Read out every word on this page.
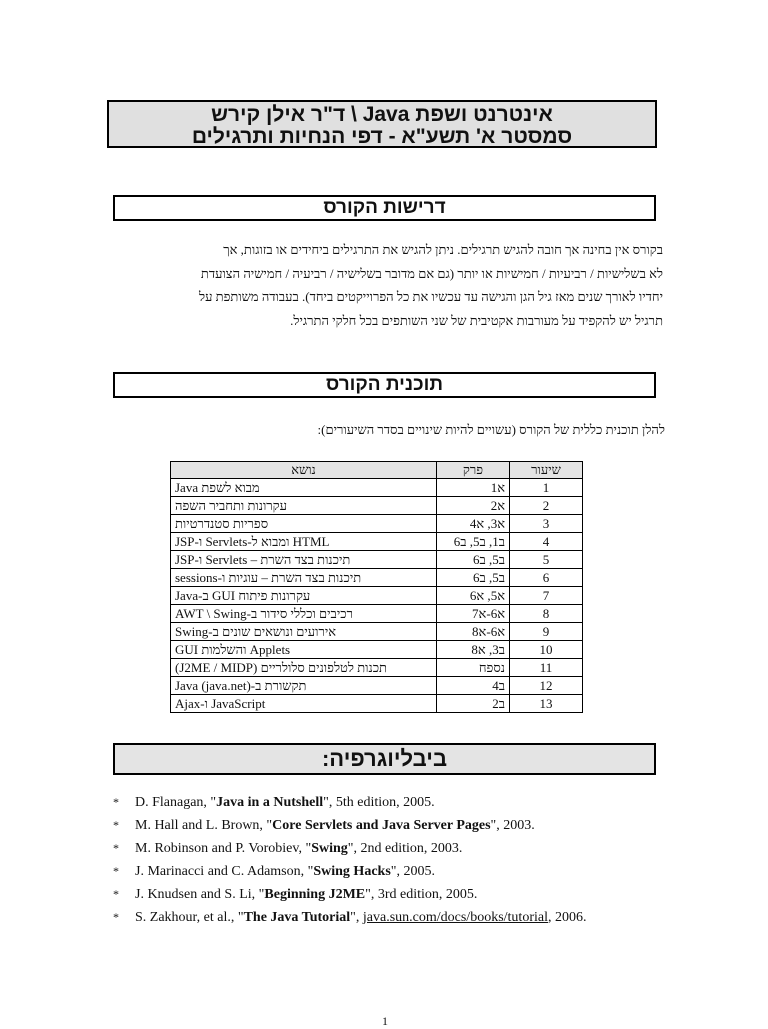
אינטרנט ושפת Java \ ד"ר אילן קירש
סמסטר א' תשע"א - דפי הנחיות ותרגילים
דרישות הקורס

בקורס אין בחינה אך חובה להגיש תרגילים. ניתן להגיש את התרגילים ביחידים או בזוגות, אך

לא בשלישיות / רביעיות / חמישיות או יותר (גם אם מדובר בשלישיה / רביעיה / חמישיה הצועדת

יחדיו לאורך שנים מאז גיל הגן והגישה עד עכשיו את כל הפרוייקטים ביחד). בעבודה משותפת על

תרגיל יש להקפיד על מעורבות אקטיבית של שני השותפים בכל חלקי התרגיל.

תוכנית הקורס
להלן תוכנית כללית של הקורס (עשויים להיות שינויים בסדר השיעורים):
שיעור	פרק	נושא
1	א1	מבוא לשפת Java
2	א2	עקרונות ותחביר השפה
3	א3, א4	ספריות סטנדרטיות
4	ב1, ב5, ב6	HTML ומבוא ל-Servlets ו-JSP
5	ב5, ב6	תיכנות בצד השרת – Servlets ו-JSP
6	ב5, ב6	תיכנות בצד השרת – עוגיות ו-sessions
7	א5, א6	עקרונות פיתוח GUI ב-Java
8	א6-א7	רכיבים וכללי סידור ב-AWT \ Swing
9	א6-א8	אירועים ונושאים שונים ב-Swing
10	ב3, א8	Applets והשלמות GUI
11	נספח	תכנות לטלפונים סלולריים (J2ME / MIDP)
12	ב4	תקשורת ב-Java (java.net)
13	ב2	JavaScript ו-Ajax
ביבליוגרפיה:
* D. Flanagan, "Java in a Nutshell", 5th edition, 2005.
* M. Hall and L. Brown, "Core Servlets and Java Server Pages", 2003.
* M. Robinson and P. Vorobiev, "Swing", 2nd edition, 2003.
* J. Marinacci and C. Adamson, "Swing Hacks", 2005.
* J. Knudsen and S. Li, "Beginning J2ME", 3rd edition, 2005.
* S. Zakhour, et al., "The Java Tutorial", java.sun.com/docs/books/tutorial, 2006.
1
